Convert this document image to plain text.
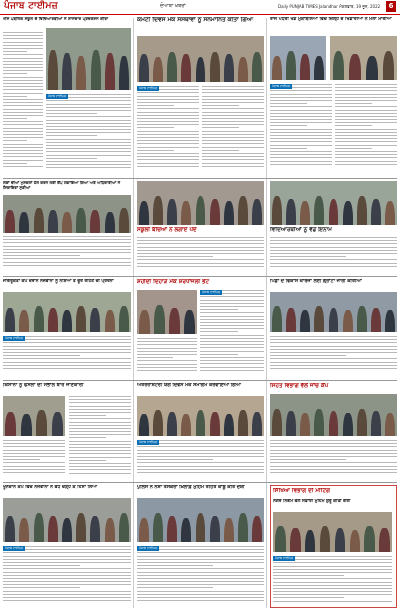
ਪੰਜਾਬ ਟਾਈਮਜ਼	ਦੋਆਬਾ ਖ਼ਬਰਾਂ	Daily PUNJAB TIMES Jalandhar ਮੰਗਲਵਾਰ, 19 ਜੂਨ, 2022	6
ਐੱਸ ਪਬਲਿਕ ਸਕੂਲ ਦੇ ਵਿਦਿਆਰਥੀਆਂ ਨੇ ਸ਼ਾਨਦਾਰ ਪ੍ਰਦਰਸ਼ਨ ਕੀਤਾ	ਕਮੇਟੀ ਦਿਵਸ ਮੌਕੇ ਸੰਸਥਾਵਾਂ ਨੂੰ ਸਨਮਾਨਿਤ ਕੀਤਾ ਗਿਆ	ਰਾਜ ਪੱਧਰੀ ਖੇਡ ਮੁਕਾਬਲਿਆਂ ਵਿੱਚ ਜ਼ਿਲ੍ਹੇ ਦੇ ਖਿਡਾਰੀਆਂ ਨੇ ਮੱਲਾਂ ਮਾਰੀਆਂ
ਲੋਕਾਂ ਦੀਆਂ ਮੁਸ਼ਕਲਾਂ ਹੱਲ ਕਰਨ ਲਈ ਕੈਂਪ ਲਗਾਇਆ ਗਿਆ ਅਤੇ ਅਧਿਕਾਰੀਆਂ ਨੇ ਸ਼ਿਕਾਇਤਾਂ ਸੁਣੀਆਂ
ਸਕੂਲੀ ਬੱਚਿਆਂ ਨੇ ਲਗਾਏ ਪੌਦੇ	ਵਿਦਿਆਰਥੀਆਂ ਨੂੰ ਵੰਡੇ ਇਨਾਮ
ਜਾਗਰੂਕਤਾ ਕੈਂਪ ਦੌਰਾਨ ਨੌਜਵਾਨਾਂ ਨੂੰ ਨਸ਼ਿਆਂ ਤੋਂ ਦੂਰ ਰਹਿਣ ਦੀ ਪ੍ਰੇਰਨਾ	ਸ਼ਹੀਦੀ ਦਿਹਾੜੇ ਮੌਕੇ ਸ਼ਰਧਾਂਜਲੀ ਭੇਟ	ਪਿੰਡਾਂ ਦੇ ਵਿਕਾਸ ਕਾਰਜਾਂ ਲਈ ਗ੍ਰਾਂਟਾਂ ਜਾਰੀ ਕੀਤੀਆਂ
ਕਿਸਾਨਾਂ ਨੂੰ ਫਸਲਾਂ ਦੀ ਸੰਭਾਲ ਬਾਰੇ ਜਾਣਕਾਰੀ	ਅੰਤਰਰਾਸ਼ਟਰੀ ਯੋਗ ਦਿਵਸ ਮੌਕੇ ਸਮਾਗਮ ਕਰਵਾਇਆ ਗਿਆ	ਸਿਹਤ ਵਿਭਾਗ ਵੱਲੋਂ ਜਾਂਚ ਕੈਂਪ
ਖੂਨਦਾਨ ਕੈਂਪ ਵਿੱਚ ਨੌਜਵਾਨਾਂ ਨੇ ਵਧ ਚੜ੍ਹ ਕੇ ਹਿੱਸਾ ਲਿਆ	ਪੁਲਿਸ ਨੇ ਨਸ਼ਾ ਤਸਕਰਾਂ ਖ਼ਿਲਾਫ਼ ਮੁਹਿੰਮ ਤਹਿਤ ਕਾਬੂ ਕੀਤੇ ਦੋਸ਼ੀ
ਸਿੱਖਿਆ ਵਿਭਾਗ ਦੀ ਮੀਟਿੰਗ
ਨਗਰ ਨਿਗਮ ਵੱਲੋਂ ਸਫ਼ਾਈ ਮੁਹਿੰਮ ਸ਼ੁਰੂ ਕੀਤੀ ਗਈ
ਪੰਜਾਬ ਟਾਈਮਜ਼
ਪੰਜਾਬ ਟਾਈਮਜ਼	ਪੰਜਾਬ ਟਾਈਮਜ਼
ਪੰਜਾਬ ਟਾਈਮਜ਼
ਪੰਜਾਬ ਟਾਈਮਜ਼
ਪੰਜਾਬ ਟਾਈਮਜ਼
ਪੰਜਾਬ ਟਾਈਮਜ਼	ਪੰਜਾਬ ਟਾਈਮਜ਼
ਪੰਜਾਬ ਟਾਈਮਜ਼
